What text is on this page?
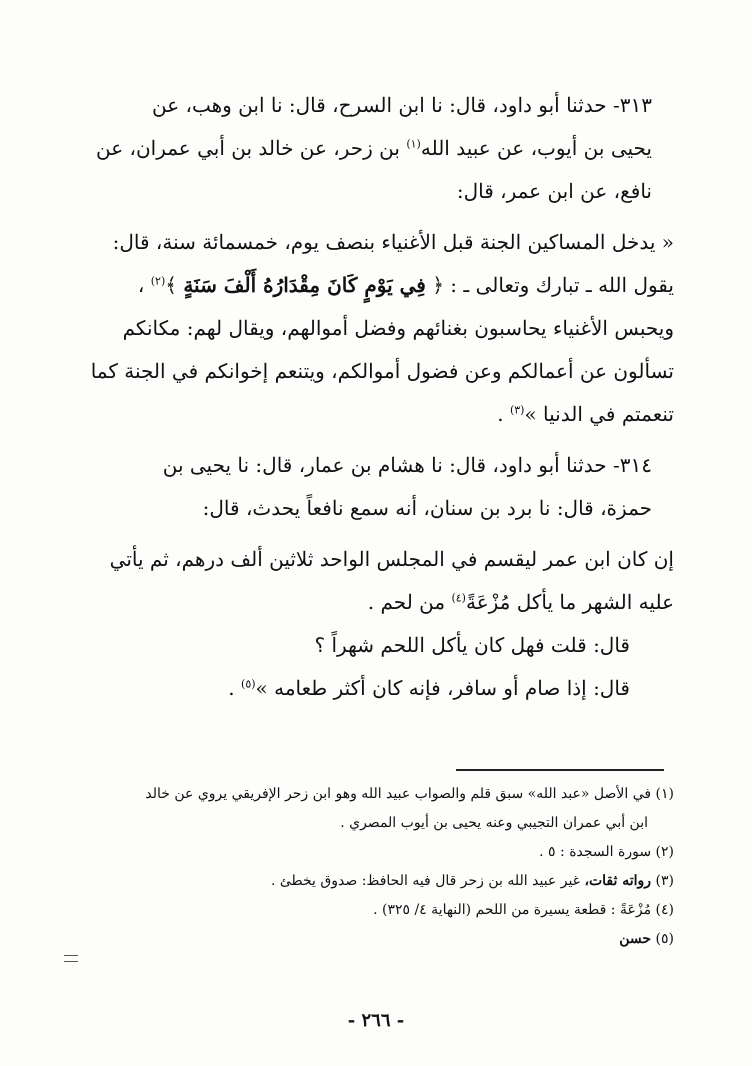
٣١٣- حدثنا أبو داود، قال: نا ابن السرح، قال: نا ابن وهب، عن
يحيى بن أيوب، عن عبيد الله$^{(١)}$ بن زحر، عن خالد بن أبي عمران، عن
نافع، عن ابن عمر، قال:
« يدخل المساكين الجنة قبل الأغنياء بنصف يوم، خمسمائة سنة، قال:
يقول الله ـ تبارك وتعالى ـ : ﴿ فِي يَوْمٍ كَانَ مِقْدَارُهُ أَلْفَ سَنَةٍ ﴾$^{(٢)}$ ،
ويحبس الأغنياء يحاسبون بغنائهم وفضل أموالهم، ويقال لهم: مكانكم
تسألون عن أعمالكم وعن فضول أموالكم، ويتنعم إخوانكم في الجنة كما
تنعمتم في الدنيا »$^{(٣)}$ .
٣١٤- حدثنا أبو داود، قال: نا هشام بن عمار، قال: نا يحيى بن
حمزة، قال: نا برد بن سنان، أنه سمع نافعاً يحدث، قال:
إن كان ابن عمر ليقسم في المجلس الواحد ثلاثين ألف درهم، ثم يأتي
عليه الشهر ما يأكل مُزْعَةً$^{(٤)}$ من لحم .
قال: قلت فهل كان يأكل اللحم شهراً ؟
قال: إذا صام أو سافر، فإنه كان أكثر طعامه »$^{(٥)}$ .
(١) في الأصل «عبد الله» سبق قلم والصواب عبيد الله وهو ابن زحر الإفريقي يروي عن خالد
ابن أبي عمران التجيبي وعنه يحيى بن أيوب المصري .
(٢) سورة السجدة : ٥ .
(٣) رواته ثقات، غير عبيد الله بن زحر قال فيه الحافظ: صدوق يخطئ .
(٤) مُزْعَةً : قطعة يسيرة من اللحم (النهاية ٤/ ٣٢٥) .
(٥) حسن
- ٢٦٦ -
